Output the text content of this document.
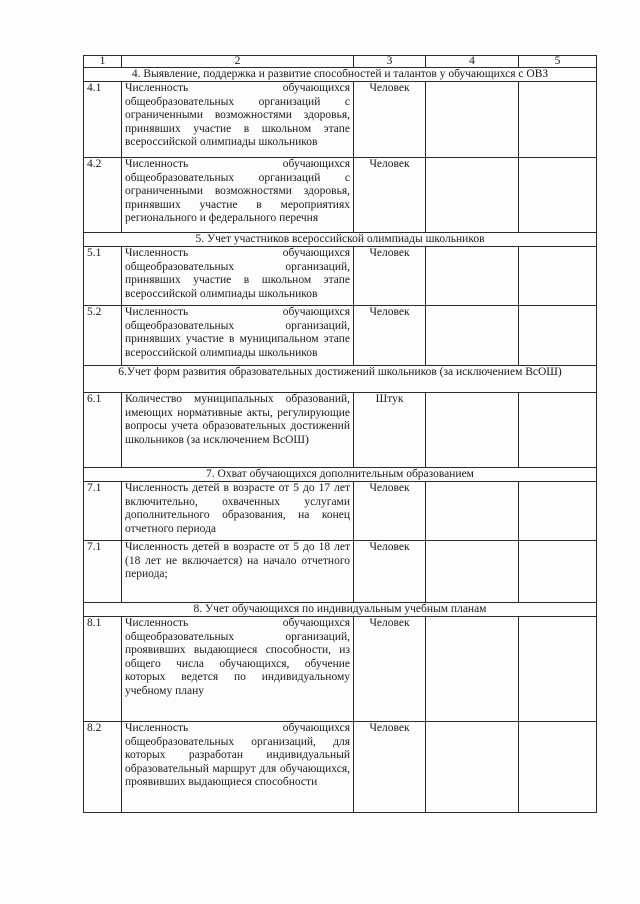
1	2	3	4	5
4. Выявление, поддержка и развитие способностей и талантов у обучающихся с ОВЗ				
4.1	Численность обучающихся общеобразовательных организаций с ограниченными возможностями здоровья, принявших участие в школьном этапе всероссийской олимпиады школьников	Человек		
4.2	Численность обучающихся общеобразовательных организаций с ограниченными возможностями здоровья, принявших участие в мероприятиях регионального и федерального перечня	Человек		
5. Учет участников всероссийской олимпиады школьников				
5.1	Численность обучающихся общеобразовательных организаций, принявших участие в школьном этапе всероссийской олимпиады школьников	Человек		
5.2	Численность обучающихся общеобразовательных организаций, принявших участие в муниципальном этапе всероссийской олимпиады школьников	Человек		
6.Учет форм развития образовательных достижений школьников (за исключением ВсОШ)				
6.1	Количество муниципальных образований, имеющих нормативные акты, регулирующие вопросы учета образовательных достижений школьников (за исключением ВсОШ)	Штук		
7. Охват обучающихся дополнительным образованием				
7.1	Численность детей в возрасте от 5 до 17 лет включительно, охваченных услугами дополнительного образования, на конец отчетного периода	Человек		
7.1	Численность детей в возрасте от 5 до 18 лет (18 лет не включается) на начало отчетного периода;	Человек		
8. Учет обучающихся по индивидуальным учебным планам				
8.1	Численность обучающихся общеобразовательных организаций, проявивших выдающиеся способности, из общего числа обучающихся, обучение которых ведется по индивидуальному учебному плану	Человек		
8.2	Численность обучающихся общеобразовательных организаций, для которых разработан индивидуальный образовательный маршрут для обучающихся, проявивших выдающиеся способности	Человек		
